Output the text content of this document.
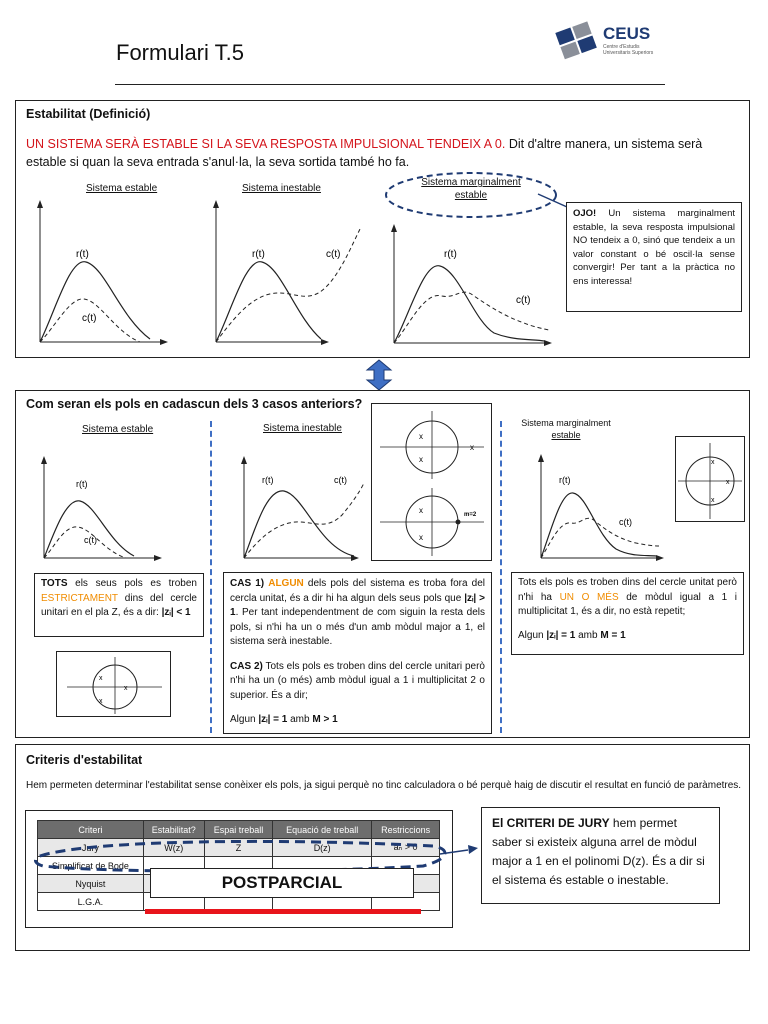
Formulari T.5
CEUS
Centre d'Estudis
Universitaris Superiors
Estabilitat (Definició)
UN SISTEMA SERÀ ESTABLE SI LA SEVA RESPOSTA IMPULSIONAL TENDEIX A 0. Dit d'altre manera, un sistema serà estable si quan la seva entrada s'anul·la, la seva sortida també ho fa.
Sistema estable
r(t)
c(t)
Sistema inestable
r(t)	c(t)
Sistema marginalment
estable
r(t)
c(t)
OJO! Un sistema marginalment estable, la seva resposta impulsional NO tendeix a 0, sinó que tendeix a un valor constant o bé oscil·la sense convergir! Per tant a la pràctica no ens interessa!
Com seran els pols en cadascun dels 3 casos anteriors?
Sistema estable
r(t)
c(t)
Sistema inestable
r(t)	c(t)
x
x
x
x
x
m=2
Sistema marginalment
estable
r(t)
c(t)
x
x
x
TOTS els seus pols es troben ESTRICTAMENT dins del cercle unitari en el pla Z, és a dir: |zᵢ| < 1
x
x
x
CAS 1) ALGUN dels pols del sistema es troba fora del cercla unitat, és a dir hi ha algun dels seus pols que |zᵢ| > 1. Per tant independentment de com siguin la resta dels pols, si n'hi ha un o més d'un amb mòdul major a 1, el sistema serà inestable.
CAS 2) Tots els pols es troben dins del cercle unitari però n'hi ha un (o més) amb mòdul igual a 1 i multiplicitat 2 o superior. És a dir;
Algun |zᵢ| = 1 amb M > 1
Tots els pols es troben dins del cercle unitat però n'hi ha UN O MÉS de mòdul igual a 1 i multiplicitat 1, és a dir, no està repetit;
Algun |zᵢ| = 1 amb M = 1
Criteris d'estabilitat
Hem permeten determinar l'estabilitat sense conèixer els pols, ja sigui perquè no tinc calculadora o bé perquè haig de discutir el resultat en funció de paràmetres.
El CRITERI DE JURY hem permet saber si existeix alguna arrel de mòdul major a 1 en el polinomi D(z). És a dir si el sistema és estable o inestable.
Criteri	Estabilitat?	Espai treball	Equació de treball	Restriccions
Jury	W(z)	Z	D(z)	aₙ > 0
Simplificat de Bode				
Nyquist				
L.G.A.				
POSTPARCIAL
